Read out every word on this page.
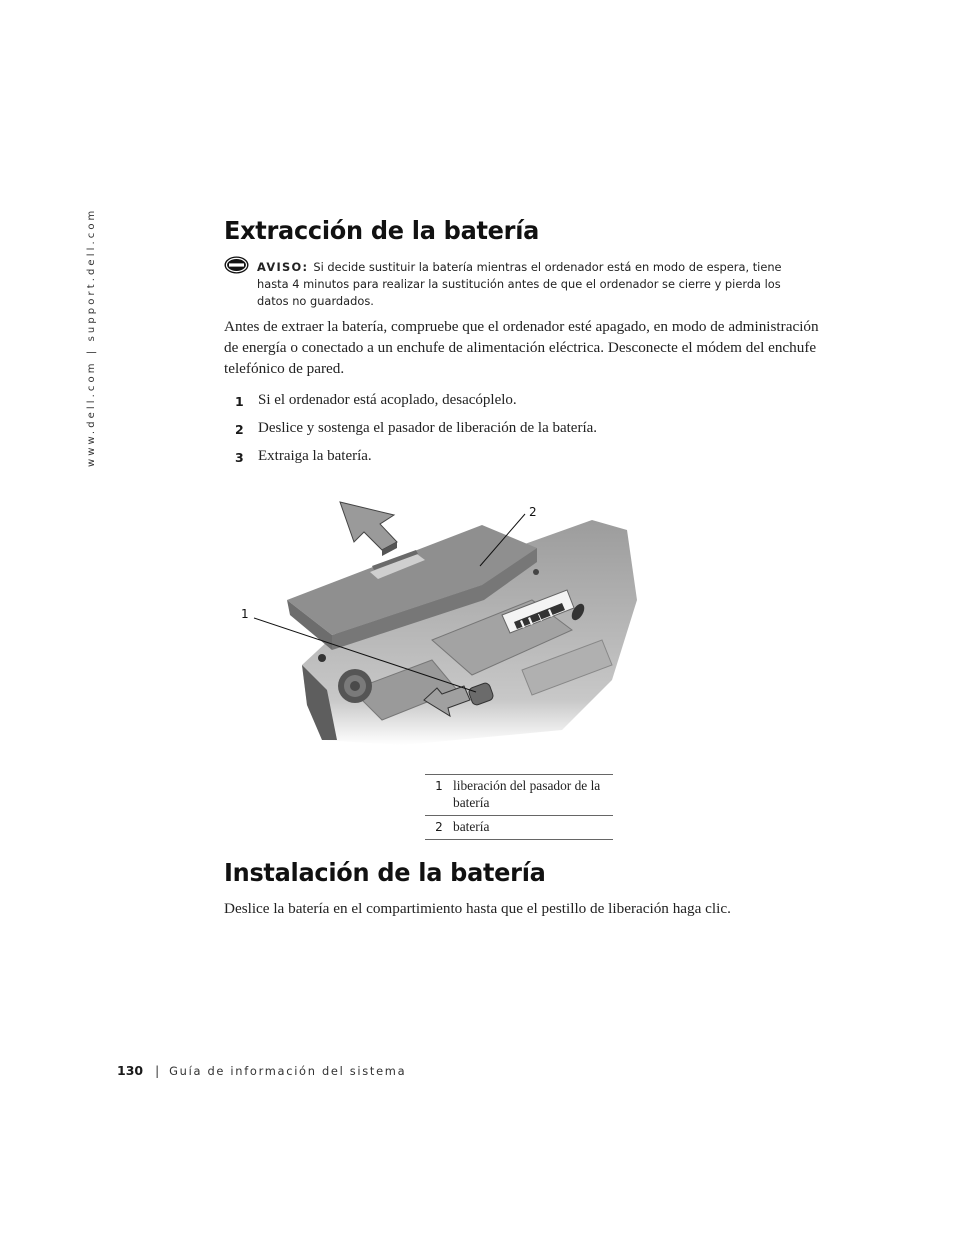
www.dell.com | support.dell.com	Extracción de la batería
AVISO: Si decide sustituir la batería mientras el ordenador está en modo de espera, tiene hasta 4 minutos para realizar la sustitución antes de que el ordenador se cierre y pierda los datos no guardados.

Antes de extraer la batería, compruebe que el ordenador esté apagado, en modo de administración de energía o conectado a un enchufe de alimentación eléctrica. Desconecte el módem del enchufe telefónico de pared.

1 Si el ordenador está acoplado, desacóplelo.
2 Deslice y sostenga el pasador de liberación de la batería.
3 Extraiga la batería.
1
2
1	liberación del pasador de la batería
2	batería
Instalación de la batería

Deslice la batería en el compartimiento hasta que el pestillo de liberación haga clic.

130 | Guía de información del sistema
